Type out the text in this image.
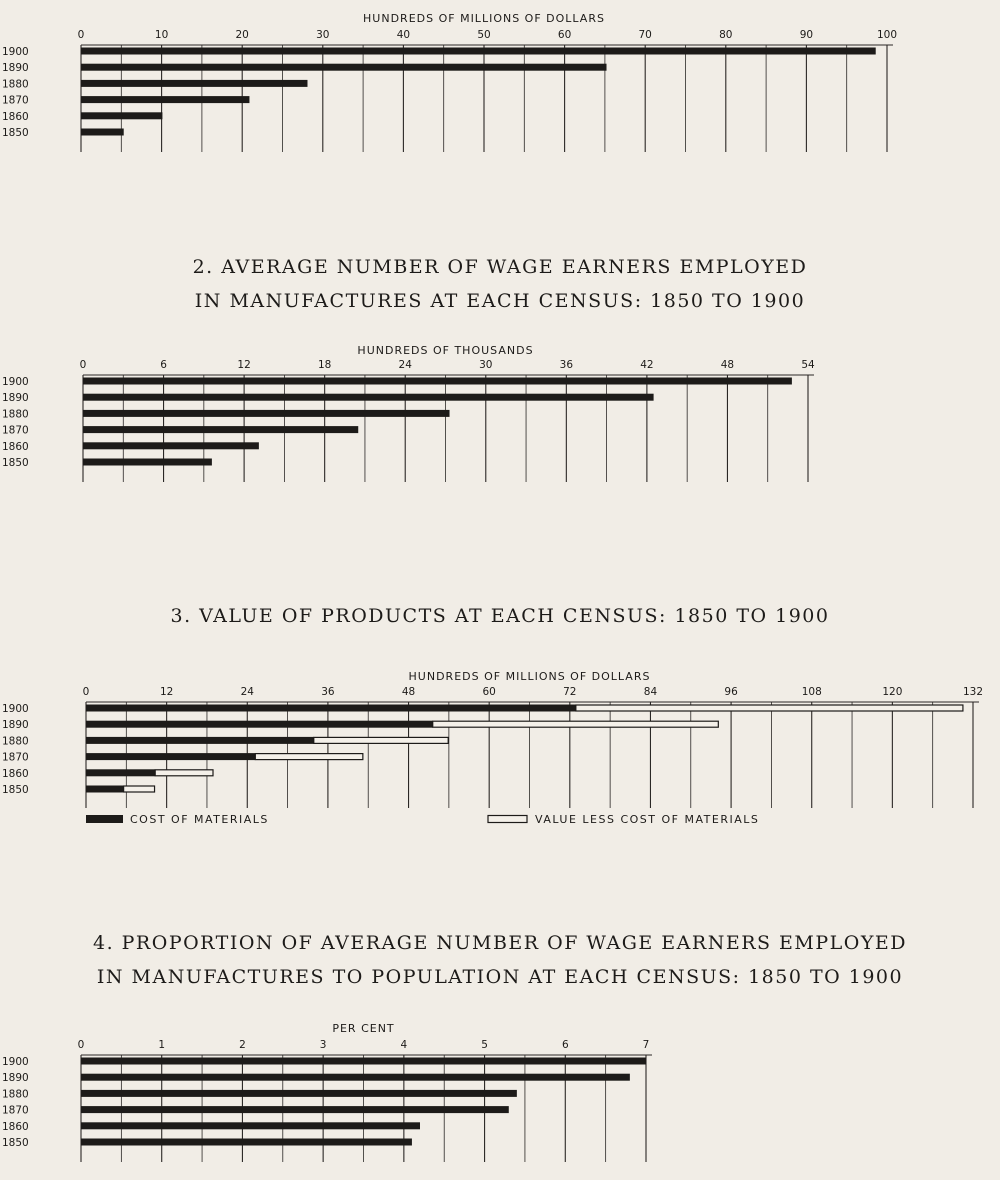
HUNDREDS OF MILLIONS OF DOLLARS
0	10	20	30	40	50	60	70	80	90	100
1900
1890
1880
1870
1860
1850
2. AVERAGE NUMBER OF WAGE EARNERS EMPLOYED
IN MANUFACTURES AT EACH CENSUS: 1850 TO 1900
HUNDREDS OF THOUSANDS
0	6	12	18	24	30	36	42	48	54
1900
1890
1880
1870
1860
1850
3. VALUE OF PRODUCTS AT EACH CENSUS: 1850 TO 1900
HUNDREDS OF MILLIONS OF DOLLARS
0	12	24	36	48	60	72	84	96	108	120	132
1900
1890
1880
1870
1860
1850
COST OF MATERIALS	VALUE LESS COST OF MATERIALS
4. PROPORTION OF AVERAGE NUMBER OF WAGE EARNERS EMPLOYED
IN MANUFACTURES TO POPULATION AT EACH CENSUS: 1850 TO 1900
PER CENT
0	1	2	3	4	5	6	7
1900
1890
1880
1870
1860
1850
